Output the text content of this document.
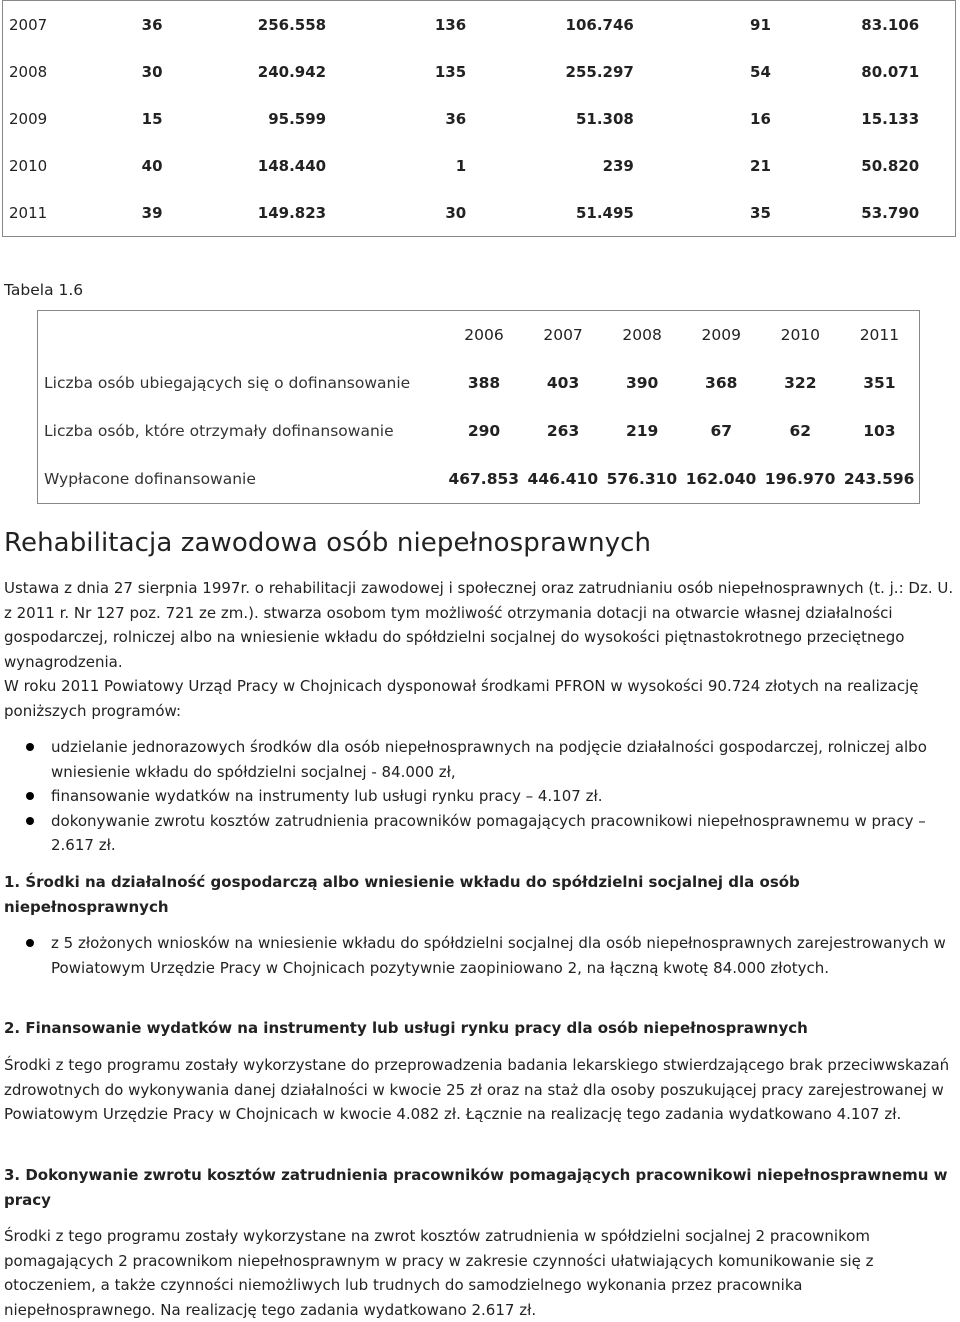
2007	36	256.558	136	106.746	91	83.106	
2008	30	240.942	135	255.297	54	80.071	
2009	15	95.599	36	51.308	16	15.133	
2010	40	148.440	1	239	21	50.820	
2011	39	149.823	30	51.495	35	53.790	
Tabela 1.6
	2006	2007	2008	2009	2010	2011
Liczba osób ubiegających się o dofinansowanie	388	403	390	368	322	351
Liczba osób, które otrzymały dofinansowanie	290	263	219	67	62	103
Wypłacone dofinansowanie	467.853	446.410	576.310	162.040	196.970	243.596
Rehabilitacja zawodowa osób niepełnosprawnych

Ustawa z dnia 27 sierpnia 1997r. o rehabilitacji zawodowej i społecznej oraz zatrudnianiu osób niepełnosprawnych (t. j.: Dz. U. z 2011 r. Nr 127 poz. 721 ze zm.). stwarza osobom tym możliwość otrzymania dotacji na otwarcie własnej działalności gospodarczej, rolniczej albo na wniesienie wkładu do spółdzielni socjalnej do wysokości piętnastokrotnego przeciętnego wynagrodzenia.

W roku 2011 Powiatowy Urząd Pracy w Chojnicach dysponował środkami PFRON w wysokości 90.724 złotych na realizację poniższych programów:

udzielanie jednorazowych środków dla osób niepełnosprawnych na podjęcie działalności gospodarczej, rolniczej albo wniesienie wkładu do spółdzielni socjalnej - 84.000 zł,
finansowanie wydatków na instrumenty lub usługi rynku pracy – 4.107 zł.
dokonywanie zwrotu kosztów zatrudnienia pracowników pomagających pracownikowi niepełnosprawnemu w pracy – 2.617 zł.

1. Środki na działalność gospodarczą albo wniesienie wkładu do spółdzielni socjalnej dla osób niepełnosprawnych

z 5 złożonych wniosków na wniesienie wkładu do spółdzielni socjalnej dla osób niepełnosprawnych zarejestrowanych w Powiatowym Urzędzie Pracy w Chojnicach pozytywnie zaopiniowano 2, na łączną kwotę 84.000 złotych.

2. Finansowanie wydatków na instrumenty lub usługi rynku pracy dla osób niepełnosprawnych

Środki z tego programu zostały wykorzystane do przeprowadzenia badania lekarskiego stwierdzającego brak przeciwwskazań zdrowotnych do wykonywania danej działalności w kwocie 25 zł oraz na staż dla osoby poszukującej pracy zarejestrowanej w Powiatowym Urzędzie Pracy w Chojnicach w kwocie 4.082 zł. Łącznie na realizację tego zadania wydatkowano 4.107 zł.

3. Dokonywanie zwrotu kosztów zatrudnienia pracowników pomagających pracownikowi niepełnosprawnemu w pracy

Środki z tego programu zostały wykorzystane na zwrot kosztów zatrudnienia w spółdzielni socjalnej 2 pracownikom pomagających 2 pracownikom niepełnosprawnym w pracy w zakresie czynności ułatwiających komunikowanie się z otoczeniem, a także czynności niemożliwych lub trudnych do samodzielnego wykonania przez pracownika niepełnosprawnego. Na realizację tego zadania wydatkowano 2.617 zł.
